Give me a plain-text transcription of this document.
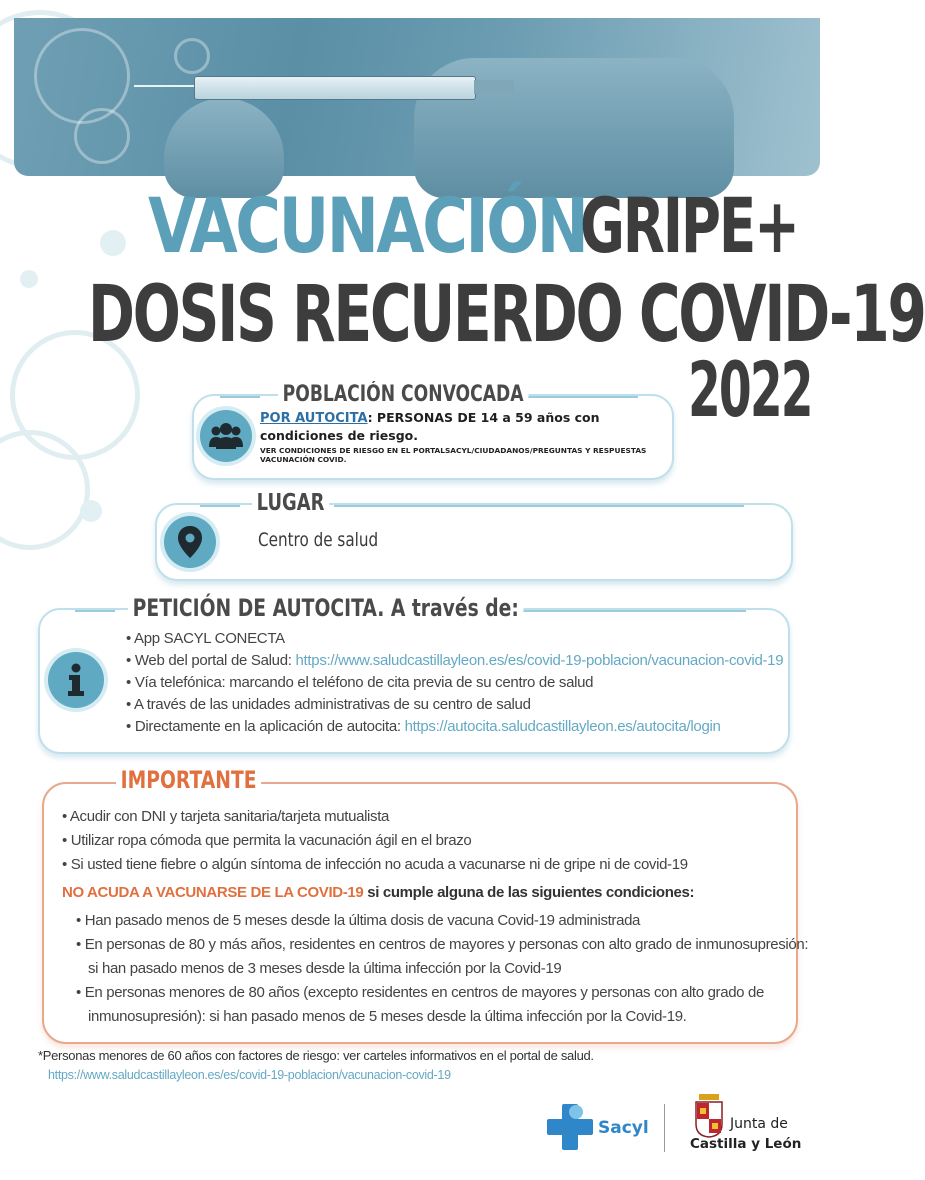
VACUNACIÓN
GRIPE+
DOSIS RECUERDO COVID-19
2022
POBLACIÓN CONVOCADA
POR AUTOCITA: PERSONAS DE 14 a 59 años con condiciones de riesgo.
VER CONDICIONES DE RIESGO EN EL PORTALSACYL/CIUDADANOS/PREGUNTAS Y RESPUESTAS VACUNACIÓN COVID.
LUGAR
Centro de salud
PETICIÓN DE AUTOCITA. A través de:
• App SACYL CONECTA
• Web del portal de Salud: https://www.saludcastillayleon.es/es/covid-19-poblacion/vacunacion-covid-19
• Vía telefónica: marcando el teléfono de cita previa de su centro de salud
• A través de las unidades administrativas de su centro de salud
• Directamente en la aplicación de autocita: https://autocita.saludcastillayleon.es/autocita/login
IMPORTANTE
• Acudir con DNI y tarjeta sanitaria/tarjeta mutualista
• Utilizar ropa cómoda que permita la vacunación ágil en el brazo
• Si usted tiene fiebre o algún síntoma de infección no acuda a vacunarse ni de gripe ni de covid-19
NO ACUDA A VACUNARSE DE LA COVID-19 si cumple alguna de las siguientes condiciones:
• Han pasado menos de 5 meses desde la última dosis de vacuna Covid-19 administrada
• En personas de 80 y más años, residentes en centros de mayores y personas con alto grado de inmunosupresión:
si han pasado menos de 3 meses desde la última infección por la Covid-19
• En personas menores de 80 años (excepto residentes en centros de mayores y personas con alto grado de
inmunosupresión): si han pasado menos de 5 meses desde la última infección por la Covid-19.
*Personas menores de 60 años con factores de riesgo: ver carteles informativos en el portal de salud.
https://www.saludcastillayleon.es/es/covid-19-poblacion/vacunacion-covid-19
Sacyl	Junta de
Castilla y León
